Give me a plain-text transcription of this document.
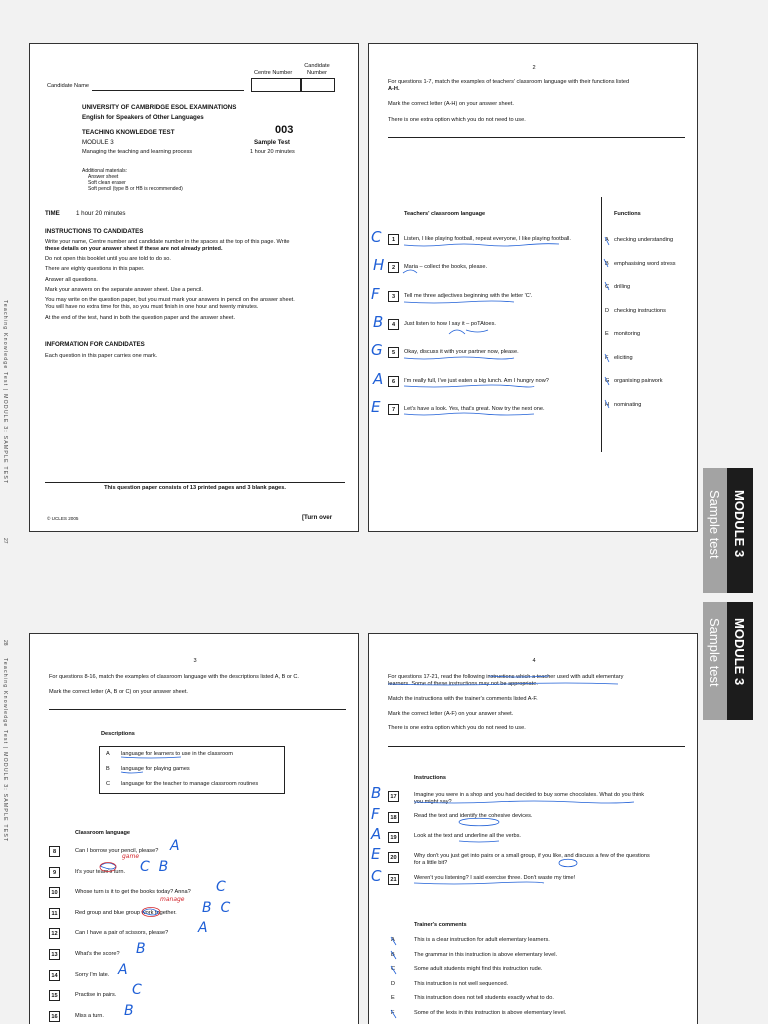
Centre Number
Candidate Number
Candidate Name
UNIVERSITY OF CAMBRIDGE ESOL EXAMINATIONS
English for Speakers of Other Languages
TEACHING KNOWLEDGE TEST	003
MODULE 3	Sample Test
Managing the teaching and learning process	1 hour 20 minutes
Additional materials:
Answer sheet
Soft clean eraser
Soft pencil (type B or HB is recommended)
TIME	1 hour 20 minutes
INSTRUCTIONS TO CANDIDATES
Write your name, Centre number and candidate number in the spaces at the top of this page. Write
these details on your answer sheet if these are not already printed.
Do not open this booklet until you are told to do so.
There are eighty questions in this paper.
Answer all questions.
Mark your answers on the separate answer sheet. Use a pencil.
You may write on the question paper, but you must mark your answers in pencil on the answer sheet.
You will have no extra time for this, so you must finish in one hour and twenty minutes.
At the end of the test, hand in both the question paper and the answer sheet.
INFORMATION FOR CANDIDATES
Each question in this paper carries one mark.
This question paper consists of 13 printed pages and 3 blank pages.
© UCLES 2005	[Turn over
2
For questions 1-7, match the examples of teachers' classroom language with their functions listed
A-H.
Mark the correct letter (A-H) on your answer sheet.
There is one extra option which you do not need to use.
Teachers' classroom language	Functions
1	Listen, I like playing football, repeat everyone, I like playing football.
C
2	Maria – collect the books, please.
H
3	Tell me three adjectives beginning with the letter 'C'.
F
4	Just listen to how I say it – poTAtoes.
B
5	Okay, discuss it with your partner now, please.
G
6	I'm really full, I've just eaten a big lunch. Am I hungry now?
A
7	Let's have a look. Yes, that's great. Now try the next one.
E
A checking understanding
B emphasising word stress
C drilling
D checking instructions
E monitoring
F eliciting
G organising pairwork
H nominating
3
For questions 8-16, match the examples of classroom language with the descriptions listed A, B or C.
Mark the correct letter (A, B or C) on your answer sheet.
Descriptions
A language for learners to use in the classroom
B language for playing games
C language for the teacher to manage classroom routines
Classroom language
8	Can I borrow your pencil, please? A
9	It's your team's turn. C  B
10	Whose turn is it to get the books today? Anna? C
11	Red group and blue group work together. B  C
12	Can I have a pair of scissors, please? A
13	What's the score? B
14	Sorry I'm late. A
15	Practise in pairs. C
16	Miss a turn. B
game
manage
4
For questions 17-21, read the following instructions which a teacher used with adult elementary
learners. Some of these instructions may not be appropriate.
Match the instructions with the trainer's comments listed A-F.
Mark the correct letter (A-F) on your answer sheet.
There is one extra option which you do not need to use.
Instructions
17	Imagine you were in a shop and you had decided to buy some chocolates. What do you think
you might say?
B
18	Read the text and identify the cohesive devices.
F
19	Look at the text and underline all the verbs.
A
20	Why don't you just get into pairs or a small group, if you like, and discuss a few of the questions
for a little bit?
E
21	Weren't you listening? I said exercise three. Don't waste my time!
C
Trainer's comments
A	This is a clear instruction for adult elementary learners.
B	The grammar in this instruction is above elementary level.
C	Some adult students might find this instruction rude.
D	This instruction is not well sequenced.
E	This instruction does not tell students exactly what to do.
F	Some of the lexis in this instruction is above elementary level.
Sample test MODULE 3
Sample test MODULE 3
Teaching Knowledge Test | MODULE 3: SAMPLE TEST
27
28
Teaching Knowledge Test | MODULE 3: SAMPLE TEST
